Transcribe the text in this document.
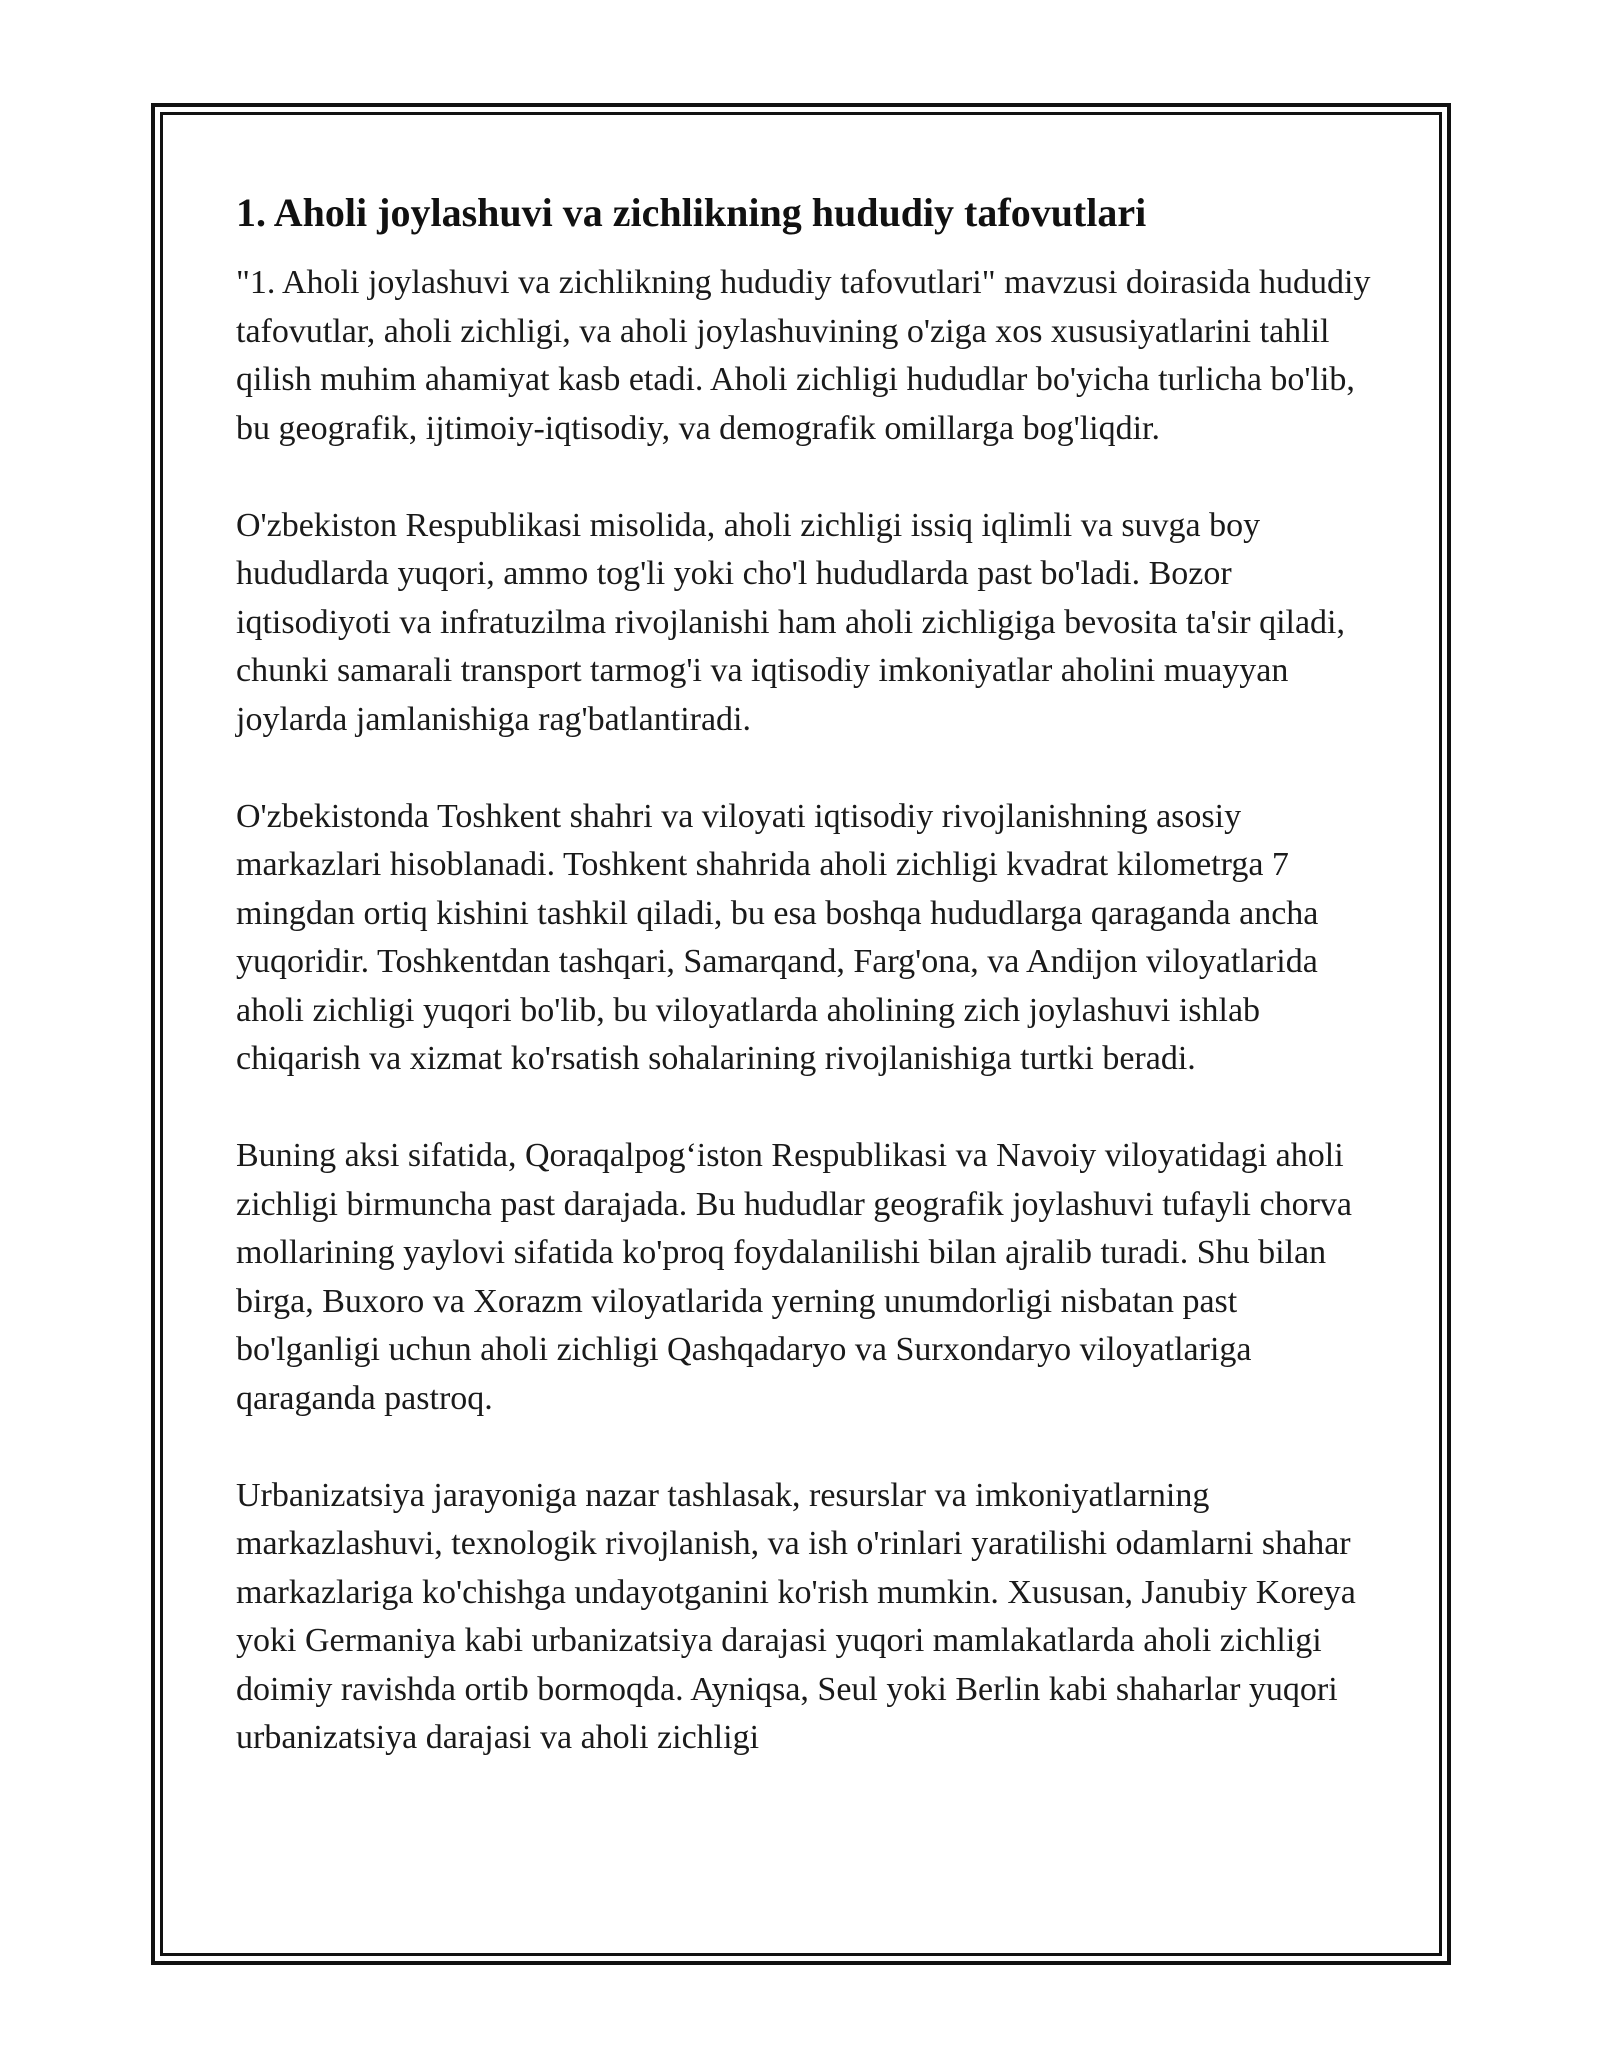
1. Aholi joylashuvi va zichlikning hududiy tafovutlari

"1. Aholi joylashuvi va zichlikning hududiy tafovutlari" mavzusi doirasida hududiy tafovutlar, aholi zichligi, va aholi joylashuvining o'ziga xos xususiyatlarini tahlil qilish muhim ahamiyat kasb etadi. Aholi zichligi hududlar bo'yicha turlicha bo'lib, bu geografik, ijtimoiy-iqtisodiy, va demografik omillarga bog'liqdir.

O'zbekiston Respublikasi misolida, aholi zichligi issiq iqlimli va suvga boy hududlarda yuqori, ammo tog'li yoki cho'l hududlarda past bo'ladi. Bozor iqtisodiyoti va infratuzilma rivojlanishi ham aholi zichligiga bevosita ta'sir qiladi, chunki samarali transport tarmog'i va iqtisodiy imkoniyatlar aholini muayyan joylarda jamlanishiga rag'batlantiradi.

O'zbekistonda Toshkent shahri va viloyati iqtisodiy rivojlanishning asosiy markazlari hisoblanadi. Toshkent shahrida aholi zichligi kvadrat kilometrga 7 mingdan ortiq kishini tashkil qiladi, bu esa boshqa hududlarga qaraganda ancha yuqoridir. Toshkentdan tashqari, Samarqand, Farg'ona, va Andijon viloyatlarida aholi zichligi yuqori bo'lib, bu viloyatlarda aholining zich joylashuvi ishlab chiqarish va xizmat ko'rsatish sohalarining rivojlanishiga turtki beradi.

Buning aksi sifatida, Qoraqalpog‘iston Respublikasi va Navoiy viloyatidagi aholi zichligi birmuncha past darajada. Bu hududlar geografik joylashuvi tufayli chorva mollarining yaylovi sifatida ko'proq foydalanilishi bilan ajralib turadi. Shu bilan birga, Buxoro va Xorazm viloyatlarida yerning unumdorligi nisbatan past bo'lganligi uchun aholi zichligi Qashqadaryo va Surxondaryo viloyatlariga qaraganda pastroq.

Urbanizatsiya jarayoniga nazar tashlasak, resurslar va imkoniyatlarning markazlashuvi, texnologik rivojlanish, va ish o'rinlari yaratilishi odamlarni shahar markazlariga ko'chishga undayotganini ko'rish mumkin. Xususan, Janubiy Koreya yoki Germaniya kabi urbanizatsiya darajasi yuqori mamlakatlarda aholi zichligi doimiy ravishda ortib bormoqda. Ayniqsa, Seul yoki Berlin kabi shaharlar yuqori urbanizatsiya darajasi va aholi zichligi
